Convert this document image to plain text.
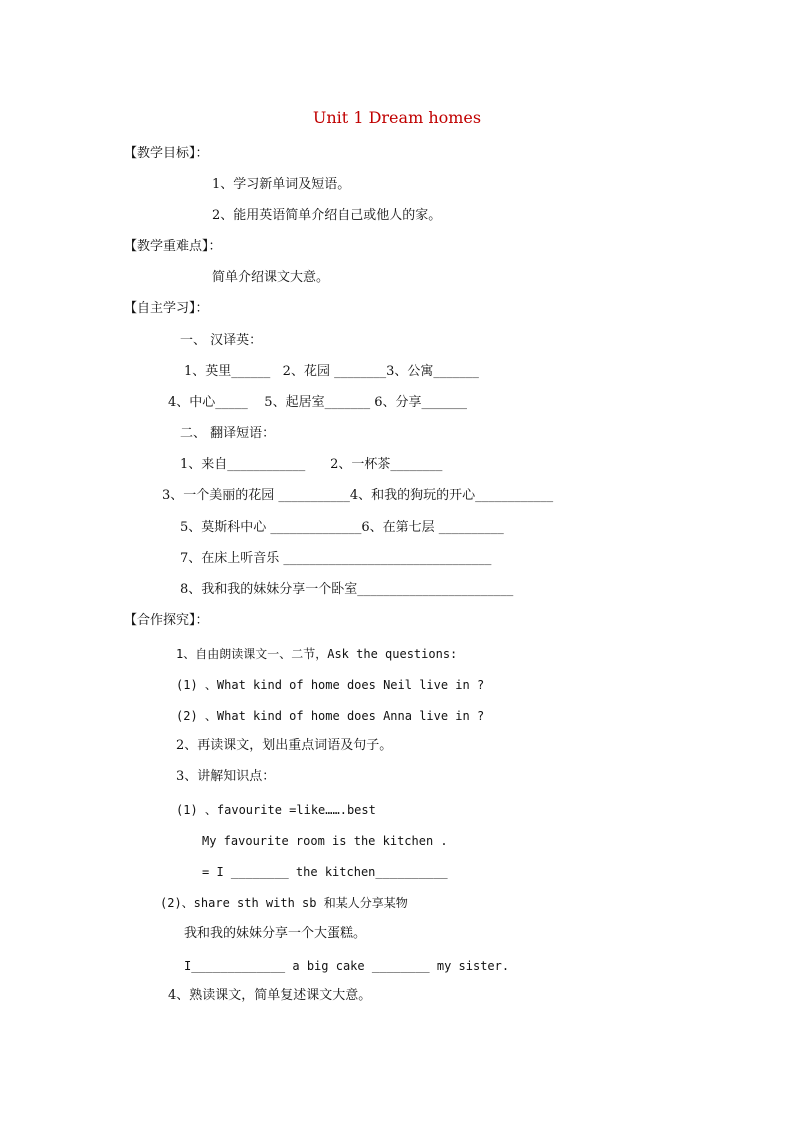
Unit 1 Dream homes
【教学目标】：
1、学习新单词及短语。
2、能用英语简单介绍自己或他人的家。
【教学重难点】：
简单介绍课文大意。
【自主学习】：
一、 汉译英：
1、英里______   2、花园 ________3、公寓_______
4、中心_____    5、起居室_______ 6、分享_______
二、 翻译短语：
1、来自____________      2、一杯茶________
3、一个美丽的花园 ___________4、和我的狗玩的开心____________
5、莫斯科中心 ______________6、在第七层 __________
7、在床上听音乐 ________________________________
8、我和我的妹妹分享一个卧室________________________
【合作探究】：
1、自由朗读课文一、二节，Ask the questions:
(1) 、What kind of home does Neil live in ?
(2) 、What kind of home does Anna live in ?
2、再读课文，划出重点词语及句子。
3、讲解知识点：
(1) 、favourite =like…….best
My favourite room is the kitchen .
= I ________ the kitchen__________
(2)、share sth with sb 和某人分享某物
我和我的妹妹分享一个大蛋糕。
I_____________ a big cake ________ my sister.
4、熟读课文，简单复述课文大意。
